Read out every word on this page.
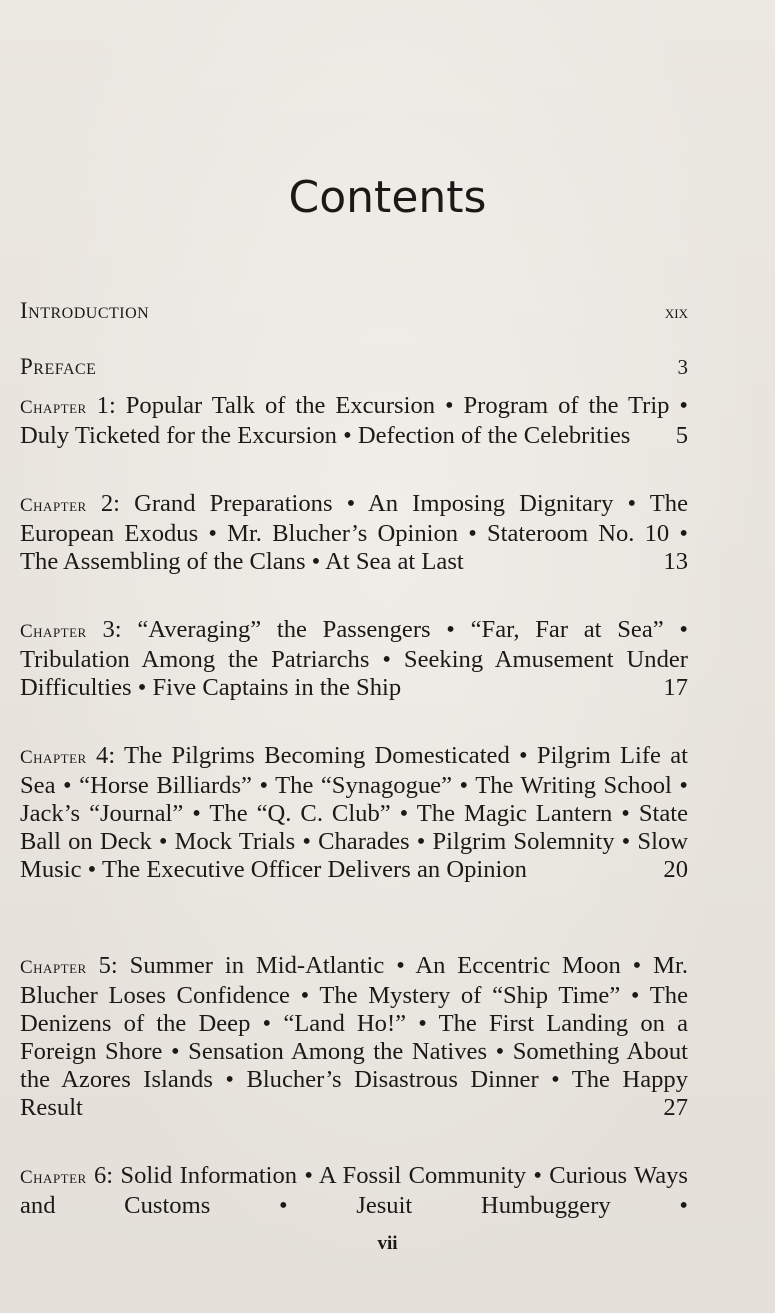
Contents
Introduction	xix
Preface	3
Chapter 1: Popular Talk of the Excursion • Program of the Trip • Duly Ticketed for the Excursion • Defection of the Celebrities 5
Chapter 2: Grand Preparations • An Imposing Dignitary • The European Exodus • Mr. Blucher’s Opinion • Stateroom No. 10 • The Assembling of the Clans • At Sea at Last	13
Chapter 3: “Averaging” the Passengers • “Far, Far at Sea” • Tribulation Among the Patriarchs • Seeking Amusement Under Difficulties • Five Captains in the Ship	17
Chapter 4: The Pilgrims Becoming Domesticated • Pilgrim Life at Sea • “Horse Billiards” • The “Synagogue” • The Writing School • Jack’s “Journal” • The “Q. C. Club” • The Magic Lantern • State Ball on Deck • Mock Trials • Charades • Pilgrim Solemnity • Slow Music • The Executive Officer Delivers an Opinion	20
Chapter 5: Summer in Mid-Atlantic • An Eccentric Moon • Mr. Blucher Loses Confidence • The Mystery of “Ship Time” • The Denizens of the Deep • “Land Ho!” • The First Landing on a Foreign Shore • Sensation Among the Natives • Something About the Azores Islands • Blucher’s Disastrous Dinner • The Happy Result	27
Chapter 6: Solid Information • A Fossil Community • Curious Ways and Customs • Jesuit Humbuggery •
vii
